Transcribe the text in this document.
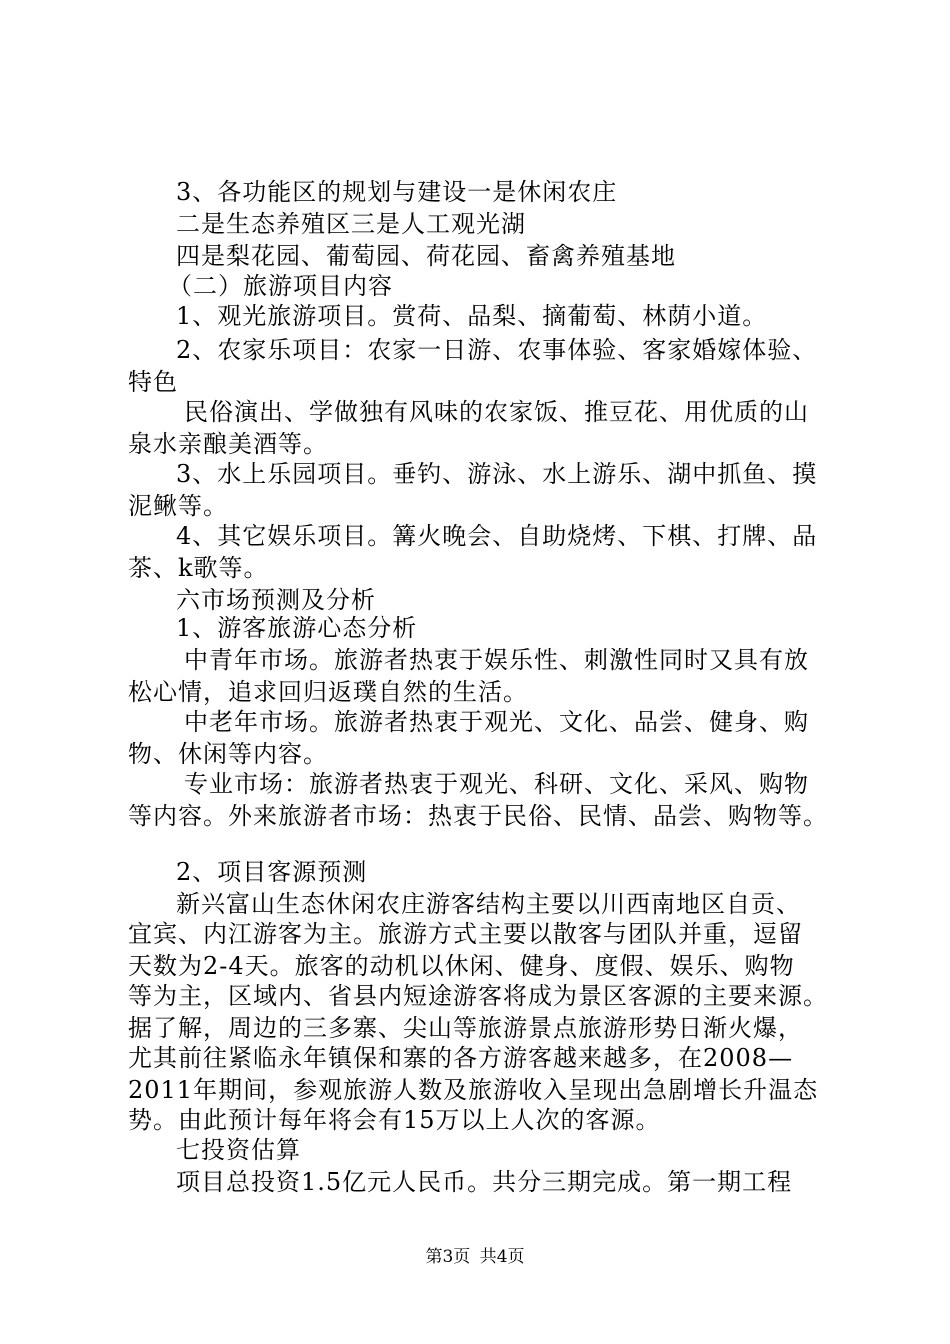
3、各功能区的规划与建设一是休闲农庄
二是生态养殖区三是人工观光湖
四是梨花园、葡萄园、荷花园、畜禽养殖基地
（二）旅游项目内容
1、观光旅游项目。赏荷、品梨、摘葡萄、林荫小道。
2、农家乐项目：农家一日游、农事体验、客家婚嫁体验、
特色
民俗演出、学做独有风味的农家饭、推豆花、用优质的山
泉水亲酿美酒等。
3、水上乐园项目。垂钓、游泳、水上游乐、湖中抓鱼、摸
泥鳅等。
4、其它娱乐项目。篝火晚会、自助烧烤、下棋、打牌、品
茶、k歌等。
六市场预测及分析
1、游客旅游心态分析
中青年市场。旅游者热衷于娱乐性、刺激性同时又具有放
松心情，追求回归返璞自然的生活。
中老年市场。旅游者热衷于观光、文化、品尝、健身、购
物、休闲等内容。
专业市场：旅游者热衷于观光、科研、文化、采风、购物
等内容。外来旅游者市场：热衷于民俗、民情、品尝、购物等。
2、项目客源预测
新兴富山生态休闲农庄游客结构主要以川西南地区自贡、
宜宾、内江游客为主。旅游方式主要以散客与团队并重，逗留
天数为2-4天。旅客的动机以休闲、健身、度假、娱乐、购物
等为主，区域内、省县内短途游客将成为景区客源的主要来源。
据了解，周边的三多寨、尖山等旅游景点旅游形势日渐火爆，
尤其前往紧临永年镇保和寨的各方游客越来越多，在2008—
2011年期间，参观旅游人数及旅游收入呈现出急剧增长升温态
势。由此预计每年将会有15万以上人次的客源。
七投资估算
项目总投资1.5亿元人民币。共分三期完成。第一期工程
第3页 共4页
